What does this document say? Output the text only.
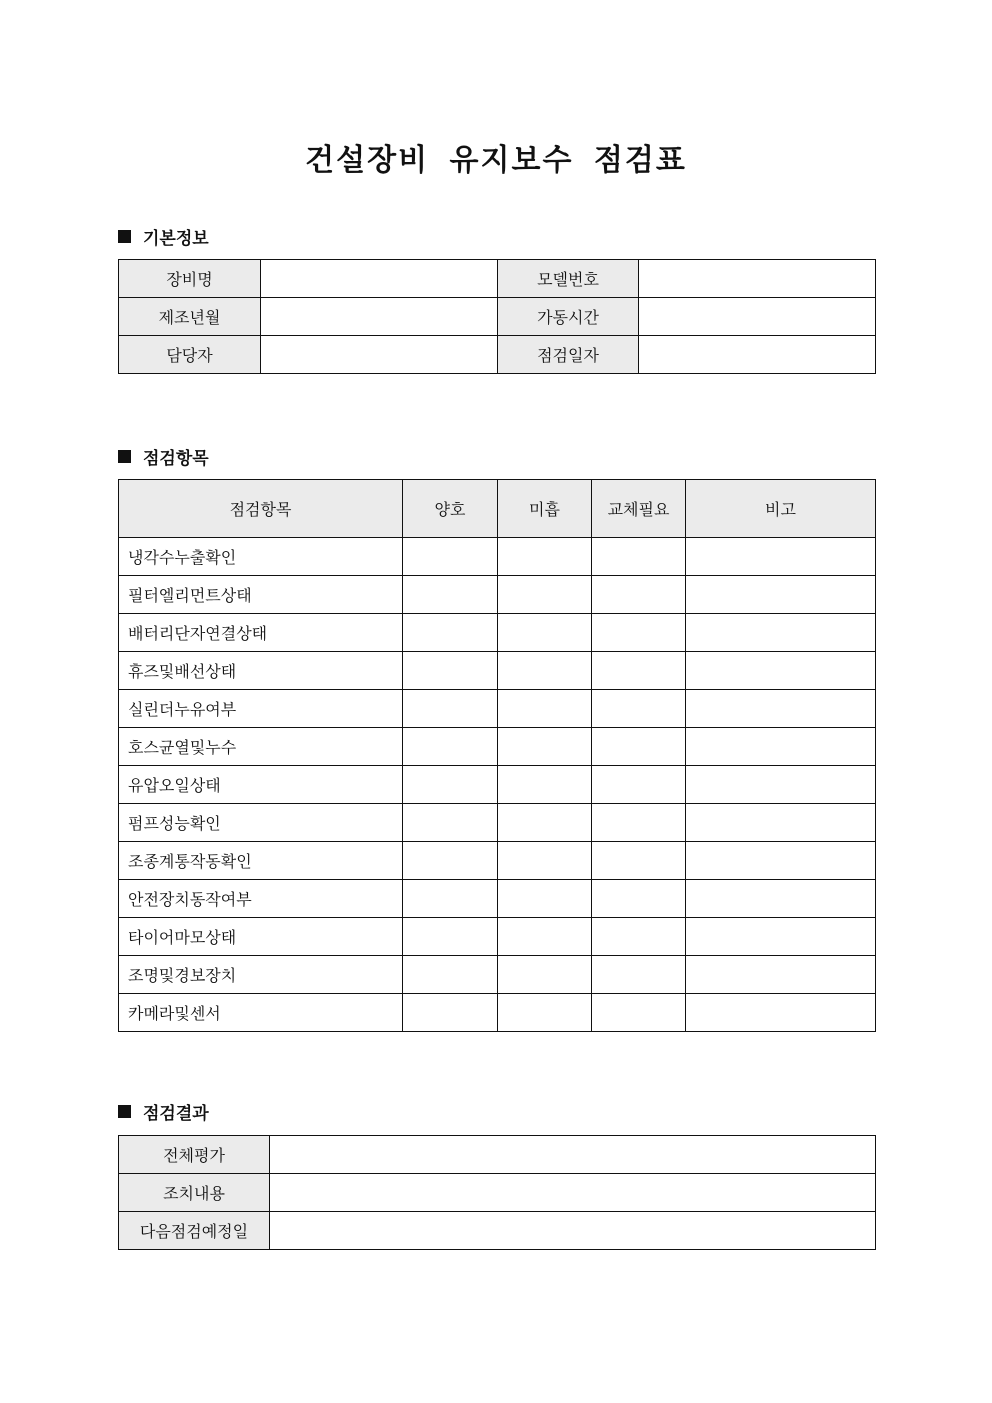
건설장비 유지보수 점검표
기본정보
장비명		모델번호	
제조년월		가동시간	
담당자		점검일자	
점검항목
점검항목	양호	미흡	교체필요	비고
냉각수누출확인				
필터엘리먼트상태				
배터리단자연결상태				
휴즈및배선상태				
실린더누유여부				
호스균열및누수				
유압오일상태				
펌프성능확인				
조종계통작동확인				
안전장치동작여부				
타이어마모상태				
조명및경보장치				
카메라및센서				
점검결과
전체평가	
조치내용	
다음점검예정일	
